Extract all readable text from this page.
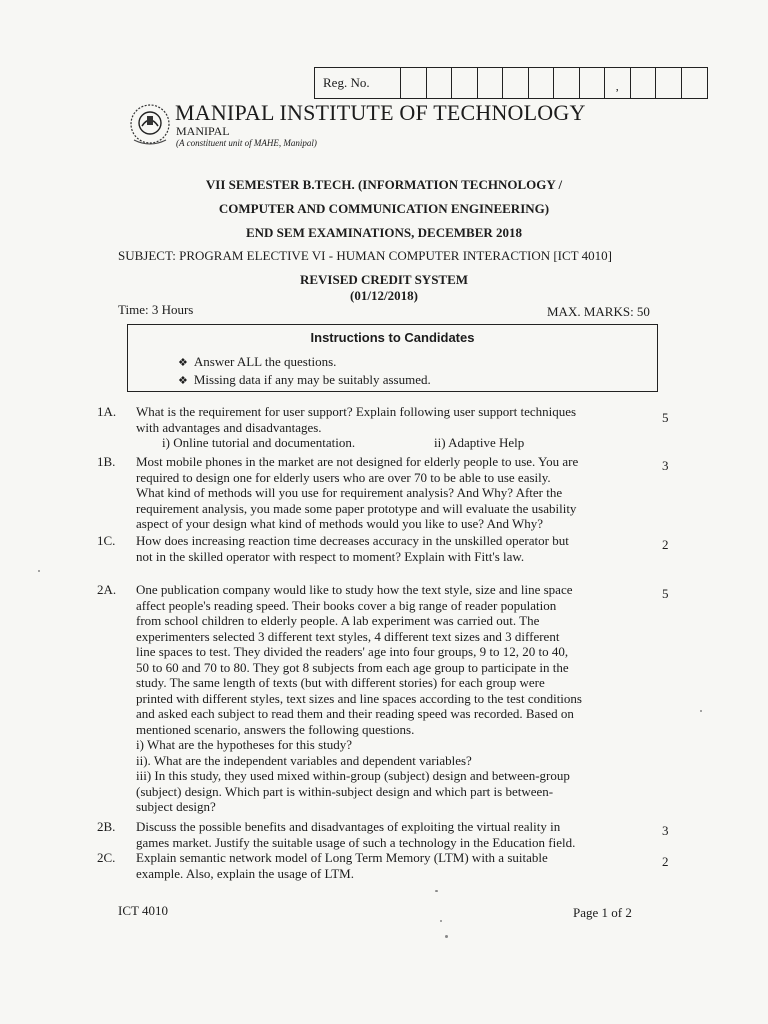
Reg. No.	,
MANIPAL INSTITUTE OF TECHNOLOGY
MANIPAL
(A constituent unit of MAHE, Manipal)
VII SEMESTER B.TECH. (INFORMATION TECHNOLOGY /
COMPUTER AND COMMUNICATION ENGINEERING)
END SEM EXAMINATIONS, DECEMBER 2018
SUBJECT: PROGRAM ELECTIVE VI - HUMAN COMPUTER INTERACTION [ICT 4010]
REVISED CREDIT SYSTEM
(01/12/2018)
Time: 3 Hours	MAX. MARKS: 50
Instructions to Candidates
❖ Answer ALL the questions.
❖ Missing data if any may be suitably assumed.
1A.	5
What is the requirement for user support? Explain following user support techniques
with advantages and disadvantages.
i) Online tutorial and documentation.	ii) Adaptive Help
1B.	3
Most mobile phones in the market are not designed for elderly people to use. You are
required to design one for elderly users who are over 70 to be able to use easily.
What kind of methods will you use for requirement analysis? And Why? After the
requirement analysis, you made some paper prototype and will evaluate the usability
aspect of your design what kind of methods would you like to use? And Why?
1C.	2
How does increasing reaction time decreases accuracy in the unskilled operator but
not in the skilled operator with respect to moment? Explain with Fitt's law.
2A.	5
One publication company would like to study how the text style, size and line space
affect people's reading speed. Their books cover a big range of reader population
from school children to elderly people. A lab experiment was carried out. The
experimenters selected 3 different text styles, 4 different text sizes and 3 different
line spaces to test. They divided the readers' age into four groups, 9 to 12, 20 to 40,
50 to 60 and 70 to 80. They got 8 subjects from each age group to participate in the
study. The same length of texts (but with different stories) for each group were
printed with different styles, text sizes and line spaces according to the test conditions
and asked each subject to read them and their reading speed was recorded. Based on
mentioned scenario, answers the following questions.
i) What are the hypotheses for this study?
ii). What are the independent variables and dependent variables?
iii) In this study, they used mixed within-group (subject) design and between-group
(subject) design. Which part is within-subject design and which part is between-
subject design?
2B.	3
Discuss the possible benefits and disadvantages of exploiting the virtual reality in
games market. Justify the suitable usage of such a technology in the Education field.
2C.	2
Explain semantic network model of Long Term Memory (LTM) with a suitable
example. Also, explain the usage of LTM.
ICT 4010	Page 1 of 2
